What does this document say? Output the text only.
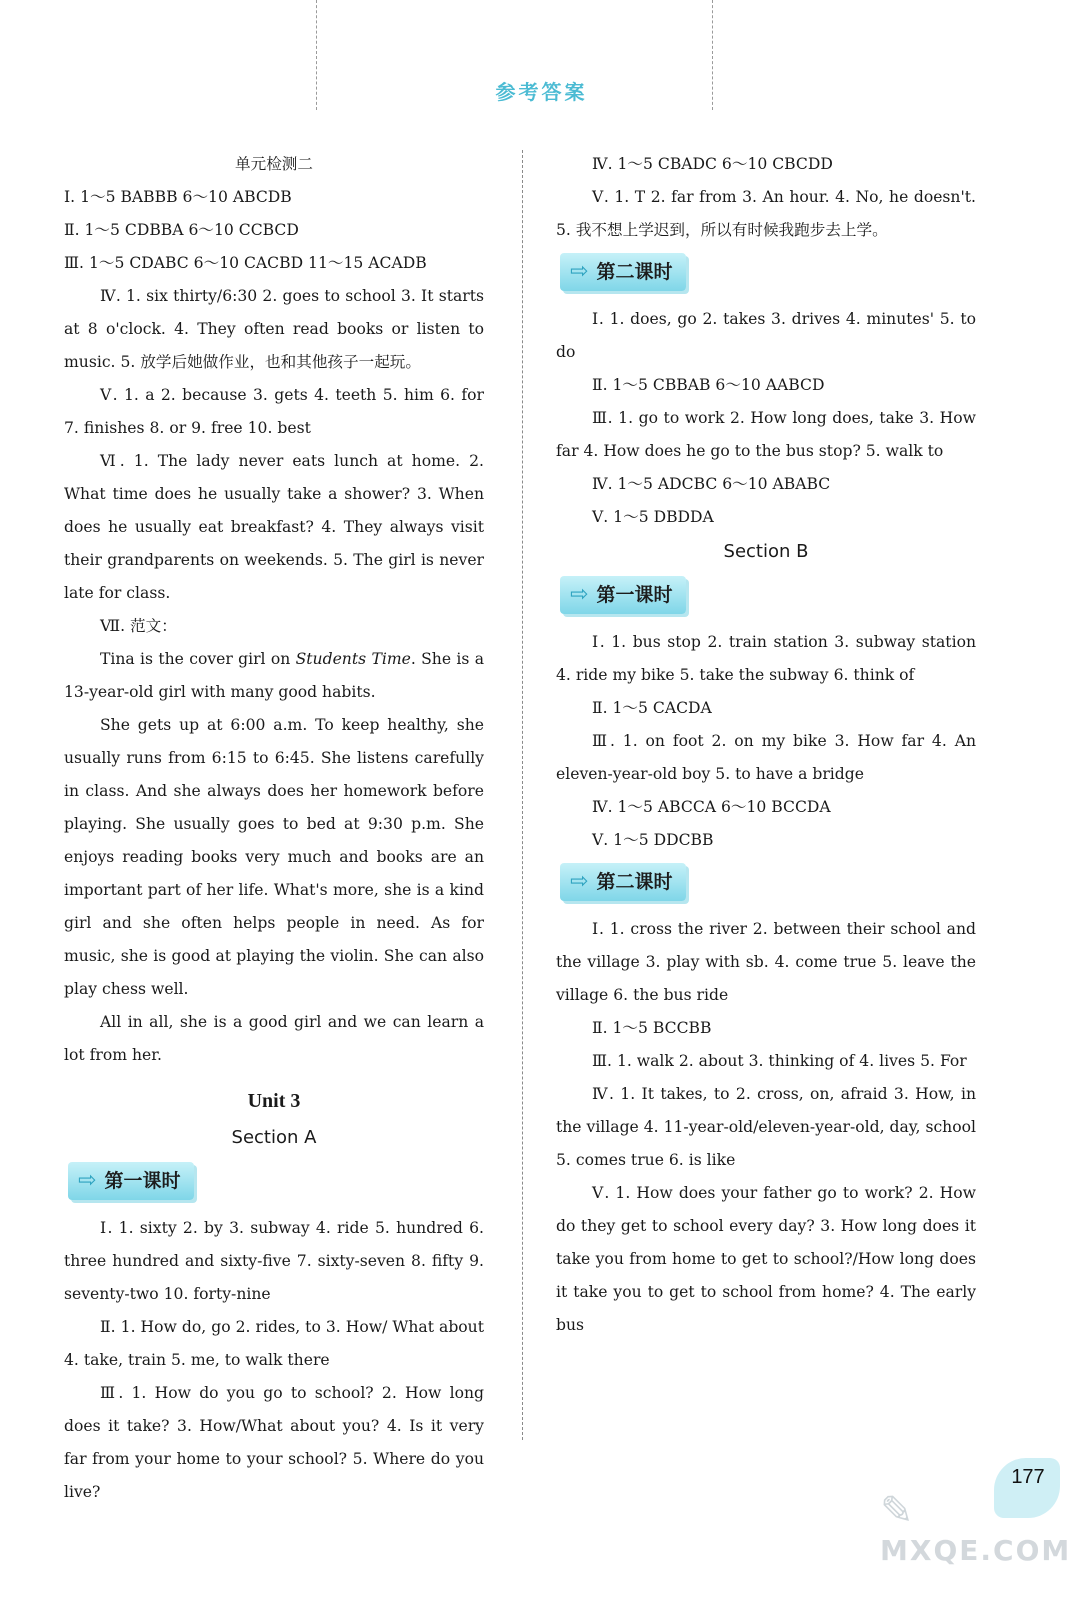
参考答案

单元检测二

Ⅰ. 1～5 BABBB 6～10 ABCDB

Ⅱ. 1～5 CDBBA 6～10 CCBCD

Ⅲ. 1～5 CDABC 6～10 CACBD 11～15 ACADB

Ⅳ. 1. six thirty/6:30 2. goes to school 3. It starts at 8 o'clock. 4. They often read books or listen to music. 5. 放学后她做作业，也和其他孩子一起玩。

Ⅴ. 1. a 2. because 3. gets 4. teeth 5. him 6. for 7. finishes 8. or 9. free 10. best

Ⅵ. 1. The lady never eats lunch at home. 2. What time does he usually take a shower? 3. When does he usually eat breakfast? 4. They always visit their grandparents on weekends. 5. The girl is never late for class.

Ⅶ. 范文：

Tina is the cover girl on Students Time. She is a 13-year-old girl with many good habits.

She gets up at 6:00 a.m. To keep healthy, she usually runs from 6:15 to 6:45. She listens carefully in class. And she always does her homework before playing. She usually goes to bed at 9:30 p.m. She enjoys reading books very much and books are an important part of her life. What's more, she is a kind girl and she often helps people in need. As for music, she is good at playing the violin. She can also play chess well.

All in all, she is a good girl and we can learn a lot from her.

Unit 3

Section A

⇨ 第一课时

Ⅰ. 1. sixty 2. by 3. subway 4. ride 5. hundred 6. three hundred and sixty-five 7. sixty-seven 8. fifty 9. seventy-two 10. forty-nine

Ⅱ. 1. How do, go 2. rides, to 3. How/ What about 4. take, train 5. me, to walk there

Ⅲ. 1. How do you go to school? 2. How long does it take? 3. How/What about you? 4. Is it very far from your home to your school? 5. Where do you live?

Ⅳ. 1～5 CBADC 6～10 CBCDD

Ⅴ. 1. T 2. far from 3. An hour. 4. No, he doesn't. 5. 我不想上学迟到，所以有时候我跑步去上学。

⇨ 第二课时

Ⅰ. 1. does, go 2. takes 3. drives 4. minutes' 5. to do

Ⅱ. 1～5 CBBAB 6～10 AABCD

Ⅲ. 1. go to work 2. How long does, take 3. How far 4. How does he go to the bus stop? 5. walk to

Ⅳ. 1～5 ADCBC 6～10 ABABC

Ⅴ. 1～5 DBDDA

Section B

⇨ 第一课时

Ⅰ. 1. bus stop 2. train station 3. subway station 4. ride my bike 5. take the subway 6. think of

Ⅱ. 1～5 CACDA

Ⅲ. 1. on foot 2. on my bike 3. How far 4. An eleven-year-old boy 5. to have a bridge

Ⅳ. 1～5 ABCCA 6～10 BCCDA

Ⅴ. 1～5 DDCBB

⇨ 第二课时

Ⅰ. 1. cross the river 2. between their school and the village 3. play with sb. 4. come true 5. leave the village 6. the bus ride

Ⅱ. 1～5 BCCBB

Ⅲ. 1. walk 2. about 3. thinking of 4. lives 5. For

Ⅳ. 1. It takes, to 2. cross, on, afraid 3. How, in the village 4. 11-year-old/eleven-year-old, day, school 5. comes true 6. is like

Ⅴ. 1. How does your father go to work? 2. How do they get to school every day? 3. How long does it take you from home to get to school?/How long does it take you to get to school from home? 4. The early bus

177
✎
MXQE.COM
